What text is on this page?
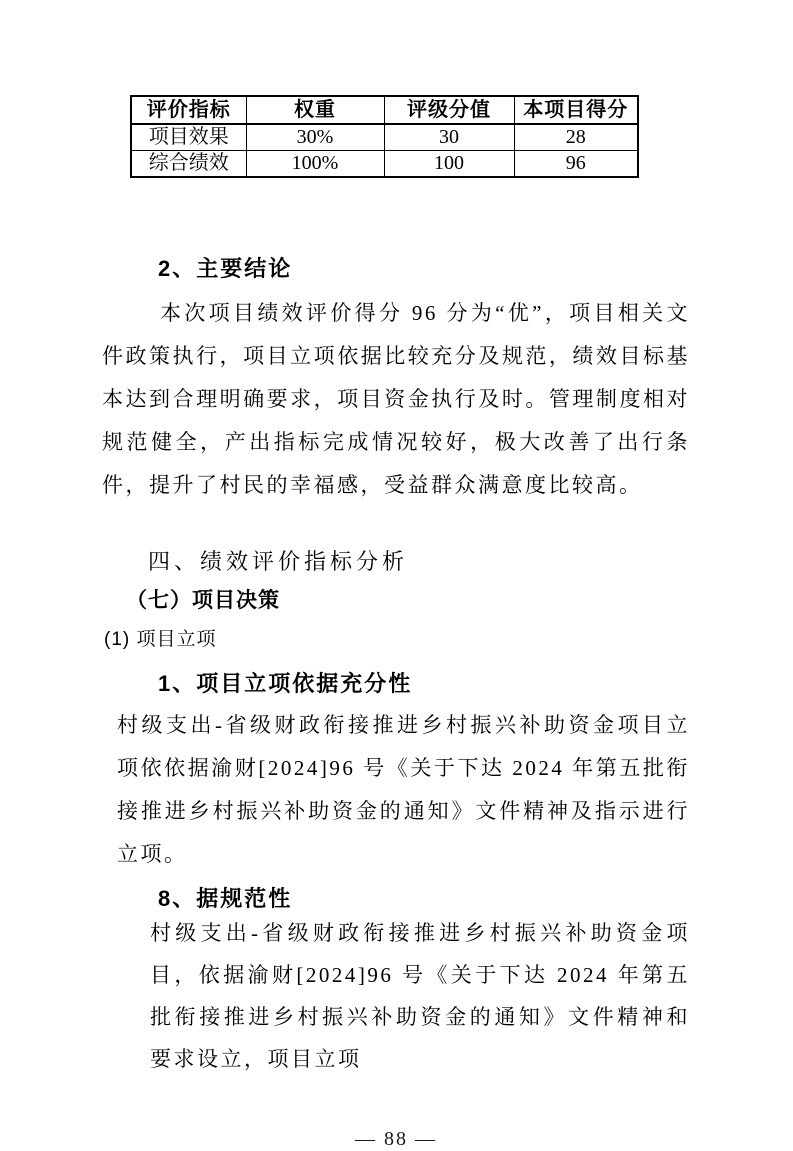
评价指标	权重	评级分值	本项目得分
项目效果	30%	30	28
综合绩效	100%	100	96
2、主要结论

本次项目绩效评价得分 96 分为“优”，项目相关文件政策执行，项目立项依据比较充分及规范，绩效目标基本达到合理明确要求，项目资金执行及时。管理制度相对规范健全，产出指标完成情况较好，极大改善了出行条件，提升了村民的幸福感，受益群众满意度比较高。

四、绩效评价指标分析
（七）项目决策
(1) 项目立项
1、项目立项依据充分性

村级支出-省级财政衔接推进乡村振兴补助资金项目立项依依据渝财[2024]96 号《关于下达 2024 年第五批衔接推进乡村振兴补助资金的通知》文件精神及指示进行立项。

8、据规范性

村级支出-省级财政衔接推进乡村振兴补助资金项目，依据渝财[2024]96 号《关于下达 2024 年第五批衔接推进乡村振兴补助资金的通知》文件精神和要求设立，项目立项

— 88 —
